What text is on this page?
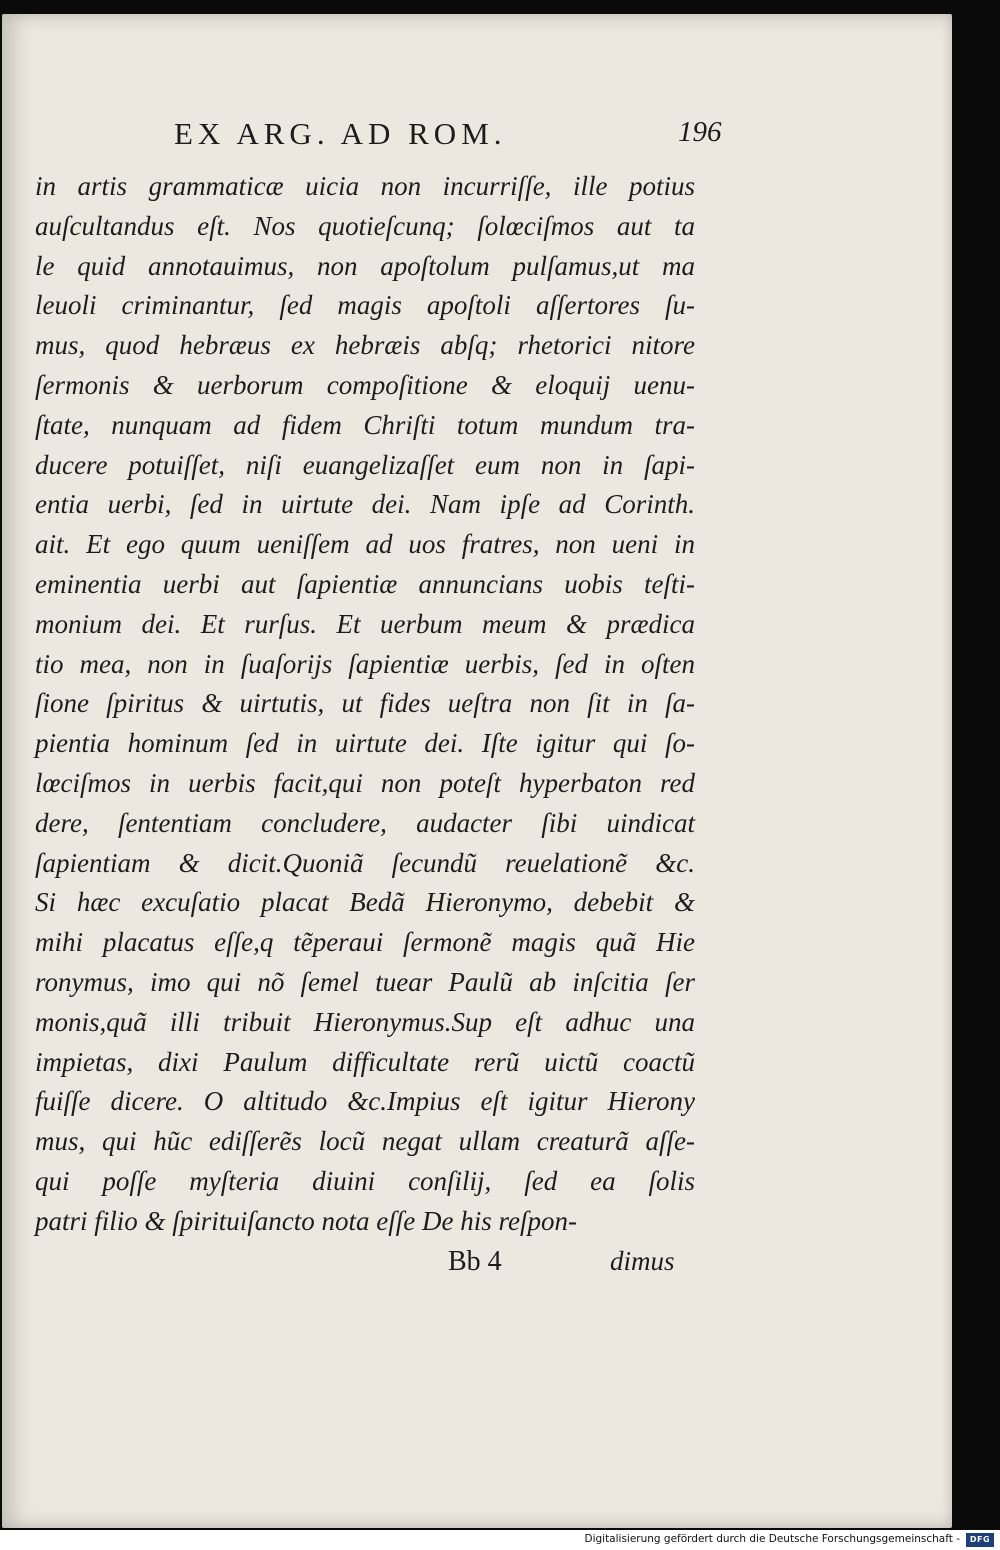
EX ARG. AD ROM.	196
in artis grammaticæ uicia non incurriſſe, ille potius
auſcultandus eſt. Nos quotieſcunq; ſolœciſmos aut ta
le quid annotauimus, non apoſtolum pulſamus,ut ma
leuoli criminantur, ſed magis apoſtoli aſſertores ſu-
mus, quod hebræus ex hebræis abſq; rhetorici nitore
ſermonis & uerborum compoſitione & eloquij uenu-
ſtate, nunquam ad fidem Chriſti totum mundum tra-
ducere potuiſſet, niſi euangelizaſſet eum non in ſapi-
entia uerbi, ſed in uirtute dei. Nam ipſe ad Corinth.
ait. Et ego quum ueniſſem ad uos fratres, non ueni in
eminentia uerbi aut ſapientiæ annuncians uobis teſti-
monium dei. Et rurſus. Et uerbum meum & prædica
tio mea, non in ſuaſorijs ſapientiæ uerbis, ſed in oſten
ſione ſpiritus & uirtutis, ut fides ueſtra non ſit in ſa-
pientia hominum ſed in uirtute dei. Iſte igitur qui ſo-
lœciſmos in uerbis facit,qui non poteſt hyperbaton red
dere, ſententiam concludere, audacter ſibi uindicat
ſapientiam & dicit.Quoniã ſecundũ reuelationẽ &c.
Si hæc excuſatio placat Bedã Hieronymo, debebit &
mihi placatus eſſe,q tẽperaui ſermonẽ magis quã Hie
ronymus, imo qui nõ ſemel tuear Paulũ ab inſcitia ſer
monis,quã illi tribuit Hieronymus.Sup eſt adhuc una
impietas, dixi Paulum difficultate rerũ uictũ coactũ
fuiſſe dicere. O altitudo &c.Impius eſt igitur Hierony
mus, qui hũc ediſſerẽs locũ negat ullam creaturã aſſe-
qui poſſe myſteria diuini conſilij, ſed ea ſolis
patri filio & ſpirituiſancto nota eſſe De his reſpon-
Bb 4	dimus
Digitalisierung gefördert durch die Deutsche Forschungsgemeinschaft -	DFG
